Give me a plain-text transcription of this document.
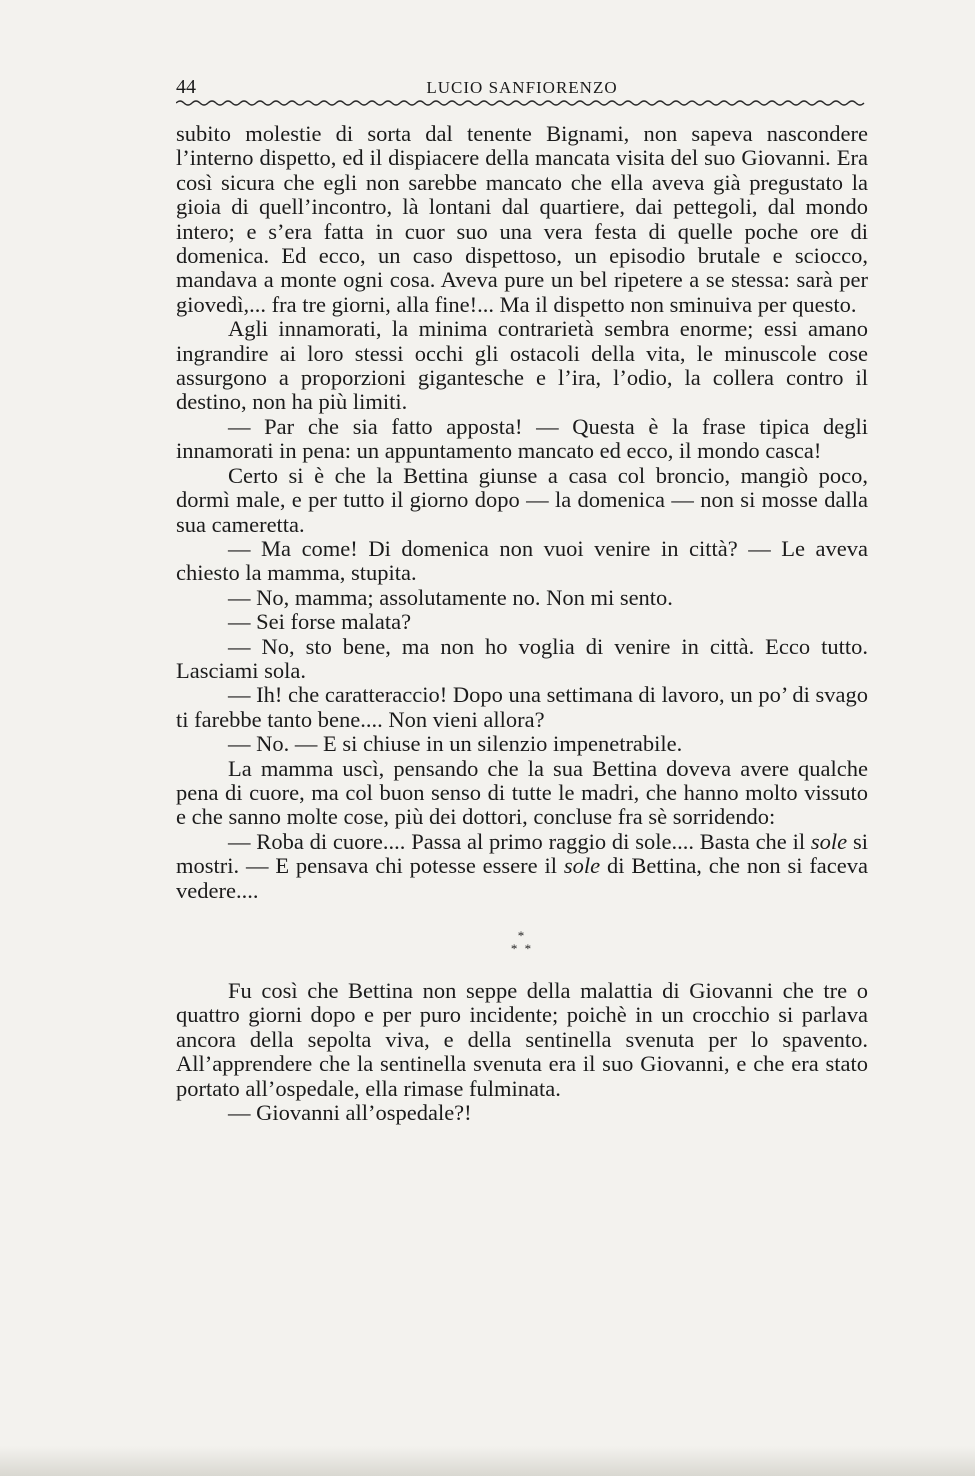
44	LUCIO SANFIORENZO

subito molestie di sorta dal tenente Bignami, non sapeva nascondere l’interno dispetto, ed il dispiacere della mancata visita del suo Giovanni. Era così sicura che egli non sarebbe mancato che ella aveva già pregustato la gioia di quell’incontro, là lontani dal quartiere, dai pettegoli, dal mondo intero; e s’era fatta in cuor suo una vera festa di quelle poche ore di domenica. Ed ecco, un caso dispettoso, un episodio brutale e sciocco, mandava a monte ogni cosa. Aveva pure un bel ripetere a se stessa: sarà per giovedì,... fra tre giorni, alla fine!... Ma il dispetto non sminuiva per questo.

Agli innamorati, la minima contrarietà sembra enorme; essi amano ingrandire ai loro stessi occhi gli ostacoli della vita, le minuscole cose assurgono a proporzioni gigantesche e l’ira, l’odio, la collera contro il destino, non ha più limiti.

— Par che sia fatto apposta! — Questa è la frase tipica degli innamorati in pena: un appuntamento mancato ed ecco, il mondo casca!

Certo si è che la Bettina giunse a casa col broncio, mangiò poco, dormì male, e per tutto il giorno dopo — la domenica — non si mosse dalla sua cameretta.

— Ma come! Di domenica non vuoi venire in città? — Le aveva chiesto la mamma, stupita.

— No, mamma; assolutamente no. Non mi sento.

— Sei forse malata?

— No, sto bene, ma non ho voglia di venire in città. Ecco tutto. Lasciami sola.

— Ih! che caratteraccio! Dopo una settimana di lavoro, un po’ di svago ti farebbe tanto bene.... Non vieni allora?

— No. — E si chiuse in un silenzio impenetrabile.

La mamma uscì, pensando che la sua Bettina doveva avere qualche pena di cuore, ma col buon senso di tutte le madri, che hanno molto vissuto e che sanno molte cose, più dei dottori, concluse fra sè sorridendo:

— Roba di cuore.... Passa al primo raggio di sole.... Basta che il sole si mostri. — E pensava chi potesse essere il sole di Bettina, che non si faceva vedere....

*
* *

Fu così che Bettina non seppe della malattia di Giovanni che tre o quattro giorni dopo e per puro incidente; poichè in un crocchio si parlava ancora della sepolta viva, e della sentinella svenuta per lo spavento. All’apprendere che la sentinella svenuta era il suo Giovanni, e che era stato portato all’ospedale, ella rimase fulminata.

— Giovanni all’ospedale?!
